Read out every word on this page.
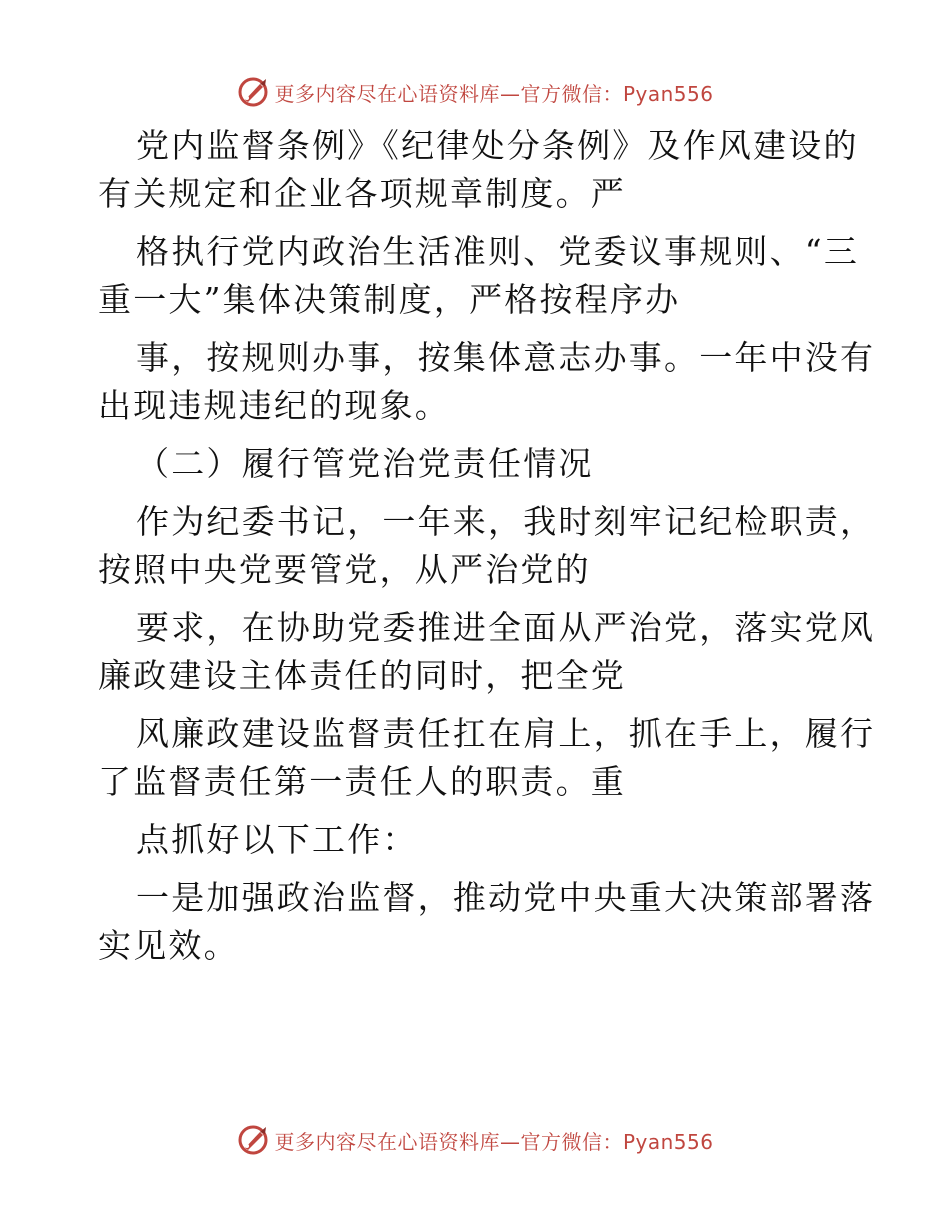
更多内容尽在心语资料库—官方微信：Pyan556
党内监督条例》《纪律处分条例》及作风建设的
有关规定和企业各项规章制度。严
格执行党内政治生活准则、党委议事规则、“三
重一大”集体决策制度，严格按程序办
事，按规则办事，按集体意志办事。一年中没有
出现违规违纪的现象。
（二）履行管党治党责任情况
作为纪委书记，一年来，我时刻牢记纪检职责，
按照中央党要管党，从严治党的
要求，在协助党委推进全面从严治党，落实党风
廉政建设主体责任的同时，把全党
风廉政建设监督责任扛在肩上，抓在手上，履行
了监督责任第一责任人的职责。重
点抓好以下工作：
一是加强政治监督，推动党中央重大决策部署落
实见效。
更多内容尽在心语资料库—官方微信：Pyan556
